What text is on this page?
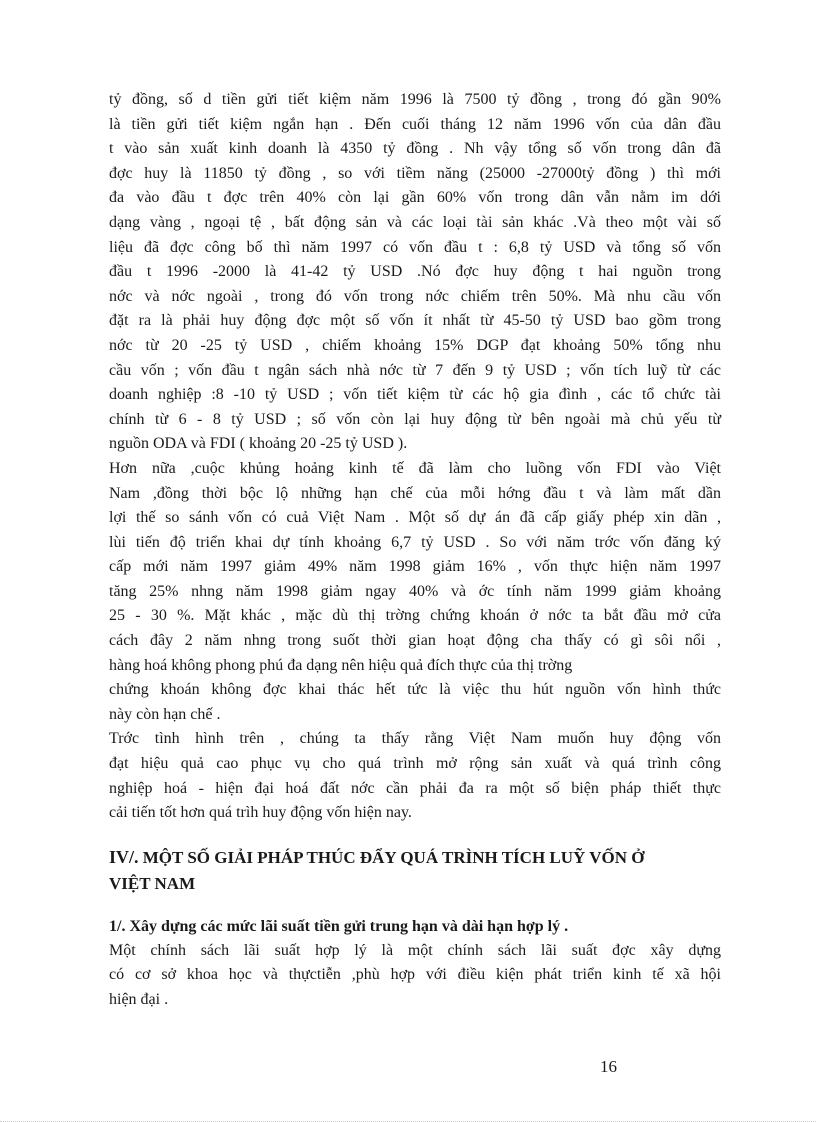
tỷ đồng, số d tiền gửi tiết kiệm năm 1996 là 7500 tỷ đồng , trong đó gần 90%
là tiền gửi tiết kiệm ngắn hạn . Đến cuối tháng 12 năm 1996 vốn của dân đầu
t vào sản xuất kinh doanh là 4350 tỷ đồng . Nh vậy tổng số vốn trong dân đã
đợc huy là 11850 tỷ đồng , so với tiềm năng (25000 -27000tỷ đồng ) thì mới
đa vào đầu t đợc trên 40% còn lại gần 60% vốn trong dân vẫn nằm im dới
dạng vàng , ngoại tệ , bất động sản và các loại tài sản khác .Và theo một vài số
liệu đã đợc công bố thì năm 1997 có vốn đầu t : 6,8 tỷ USD và tổng số vốn
đầu t 1996 -2000 là 41-42 tỷ USD .Nó đợc huy động t hai nguồn trong
nớc và nớc ngoài , trong đó vốn trong nớc chiếm trên 50%. Mà nhu cầu vốn
đặt ra là phải huy động đợc một số vốn ít nhất từ 45-50 tỷ USD bao gồm trong
nớc từ 20 -25 tỷ USD , chiếm khoảng 15% DGP đạt khoảng 50% tổng nhu
cầu vốn ; vốn đầu t ngân sách nhà nớc từ 7 đến 9 tỷ USD ; vốn tích luỹ từ các
doanh nghiệp :8 -10 tỷ USD ; vốn tiết kiệm từ các hộ gia đình , các tổ chức tài
chính từ 6 - 8 tỷ USD ; số vốn còn lại huy động từ bên ngoài mà chủ yếu từ
nguồn ODA và FDI ( khoảng 20 -25 tỷ USD ).
Hơn nữa ,cuộc khủng hoảng kinh tế đã làm cho luồng vốn FDI vào Việt
Nam ,đồng thời bộc lộ những hạn chế của mỗi hớng đầu t và làm mất dần
lợi thế so sánh vốn có cuả Việt Nam . Một số dự án đã cấp giấy phép xin dãn ,
lùi tiến độ triển khai dự tính khoảng 6,7 tỷ USD . So với năm trớc vốn đăng ký
cấp mới năm 1997 giảm 49% năm 1998 giảm 16% , vốn thực hiện năm 1997
tăng 25% nhng năm 1998 giảm ngay 40% và ớc tính năm 1999 giảm khoảng
25 - 30 %. Mặt khác , mặc dù thị trờng chứng khoán ở nớc ta bắt đầu mở cửa
cách đây 2 năm nhng trong suốt thời gian hoạt động cha thấy có gì sôi nổi ,
hàng hoá không phong phú đa dạng nên hiệu quả đích thực của thị trờng
chứng khoán không đợc khai thác hết tức là việc thu hút nguồn vốn hình thức
này còn hạn chế .
Trớc tình hình trên , chúng ta thấy rằng Việt Nam muốn huy động vốn
đạt hiệu quả cao phục vụ cho quá trình mở rộng sản xuất và quá trình công
nghiệp hoá - hiện đại hoá đất nớc cần phải đa ra một số biện pháp thiết thực
cải tiến tốt hơn quá trìh huy động vốn hiện nay.
IV/. MỘT SỐ GIẢI PHÁP THÚC ĐẨY QUÁ TRÌNH TÍCH LUỸ VỐN Ở
VIỆT NAM
1/. Xây dựng các mức lãi suất tiền gửi trung hạn và dài hạn hợp lý .
Một chính sách lãi suất hợp lý là một chính sách lãi suất đợc xây dựng
có cơ sở khoa học và thựctiễn ,phù hợp với điều kiện phát triển kinh tế xã hội
hiện đại .
16
